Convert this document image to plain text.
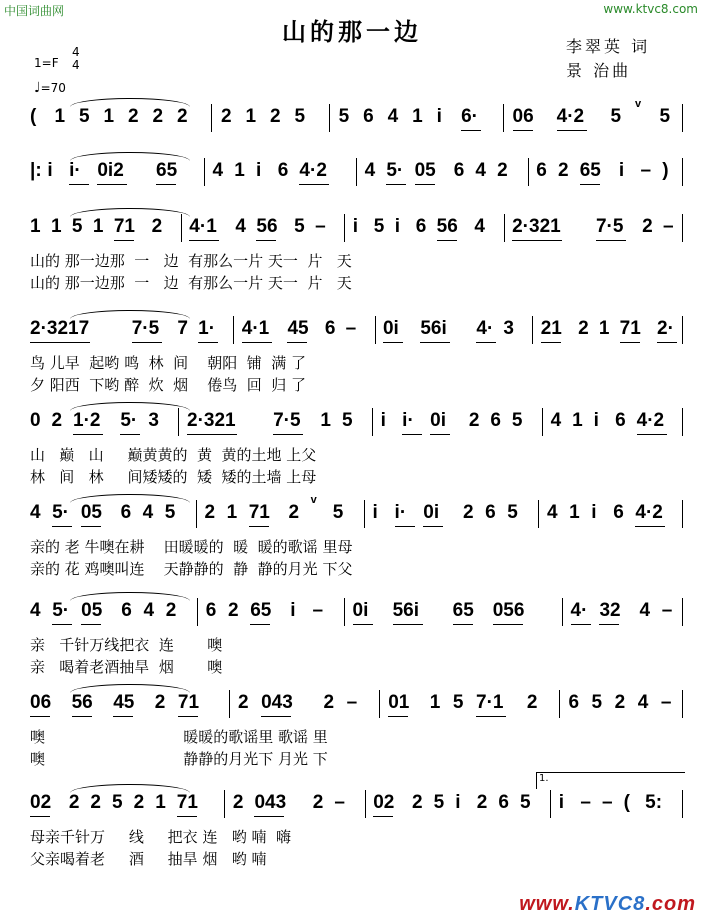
中国词曲网	www.ktvc8.com
山的那一边
李翠英 词
景 治曲
1=F
4
4
♩=70
( 1 5 1 2 2 2 2 1 2 5 5 6 4 1 i 6· 06 4·2 5
v
5
|: i i· 0i2 65 4 1 i 6 4·2 4 5· 05 6 4 2 6 2 65 i – )
1 1 5 1 71 2 4·1 4 56 5 – i 5 i 6 56 4 2·321 7·5 2 –
山的 那一边那  一   边  有那么一片 天一  片   天
山的 那一边那  一   边  有那么一片 天一  片   天
2·3217 7·5 7 1· 4·1 45 6 – 0i 56i 4· 3 21 2 1 71 2·
鸟 儿早  起哟 鸣  林  间    朝阳  铺  满 了
夕 阳西  下哟 醉  炊  烟    倦鸟  回  归 了
0 2 1·2 5· 3 2·321 7·5 1 5 i i· 0i 2 6 5 4 1 i 6 4·2
山   巅   山     巅黄黄的  黄  黄的土地 上父
林   间   林     间矮矮的  矮  矮的土墙 上母
4 5· 05 6 4 5 2 1 71 2
v
5 i i· 0i 2 6 5 4 1 i 6 4·2
亲的 老 牛噢在耕    田暖暖的  暖  暖的歌谣 里母
亲的 花 鸡噢叫连    天静静的  静  静的月光 下父
4 5· 05 6 4 2 6 2 65 i – 0i 56i 65 056 4· 32 4 –
亲   千针万线把衣  连       噢
亲   喝着老酒抽旱  烟       噢
06 56 45 2 71 2 043 2 – 01 1 5 7·1 2 6 5 2 4 –
噢                             暖暖的歌谣里 歌谣 里
噢                             静静的月光下 月光 下
02 2 2 5 2 1 71 2 043 2 – 02 2 5 i 2 6 5 i – – ( 5:
母亲千针万     线     把衣 连   哟 喃  嗨
父亲喝着老     酒     抽旱 烟   哟 喃
1.
www.KTVC8.com
